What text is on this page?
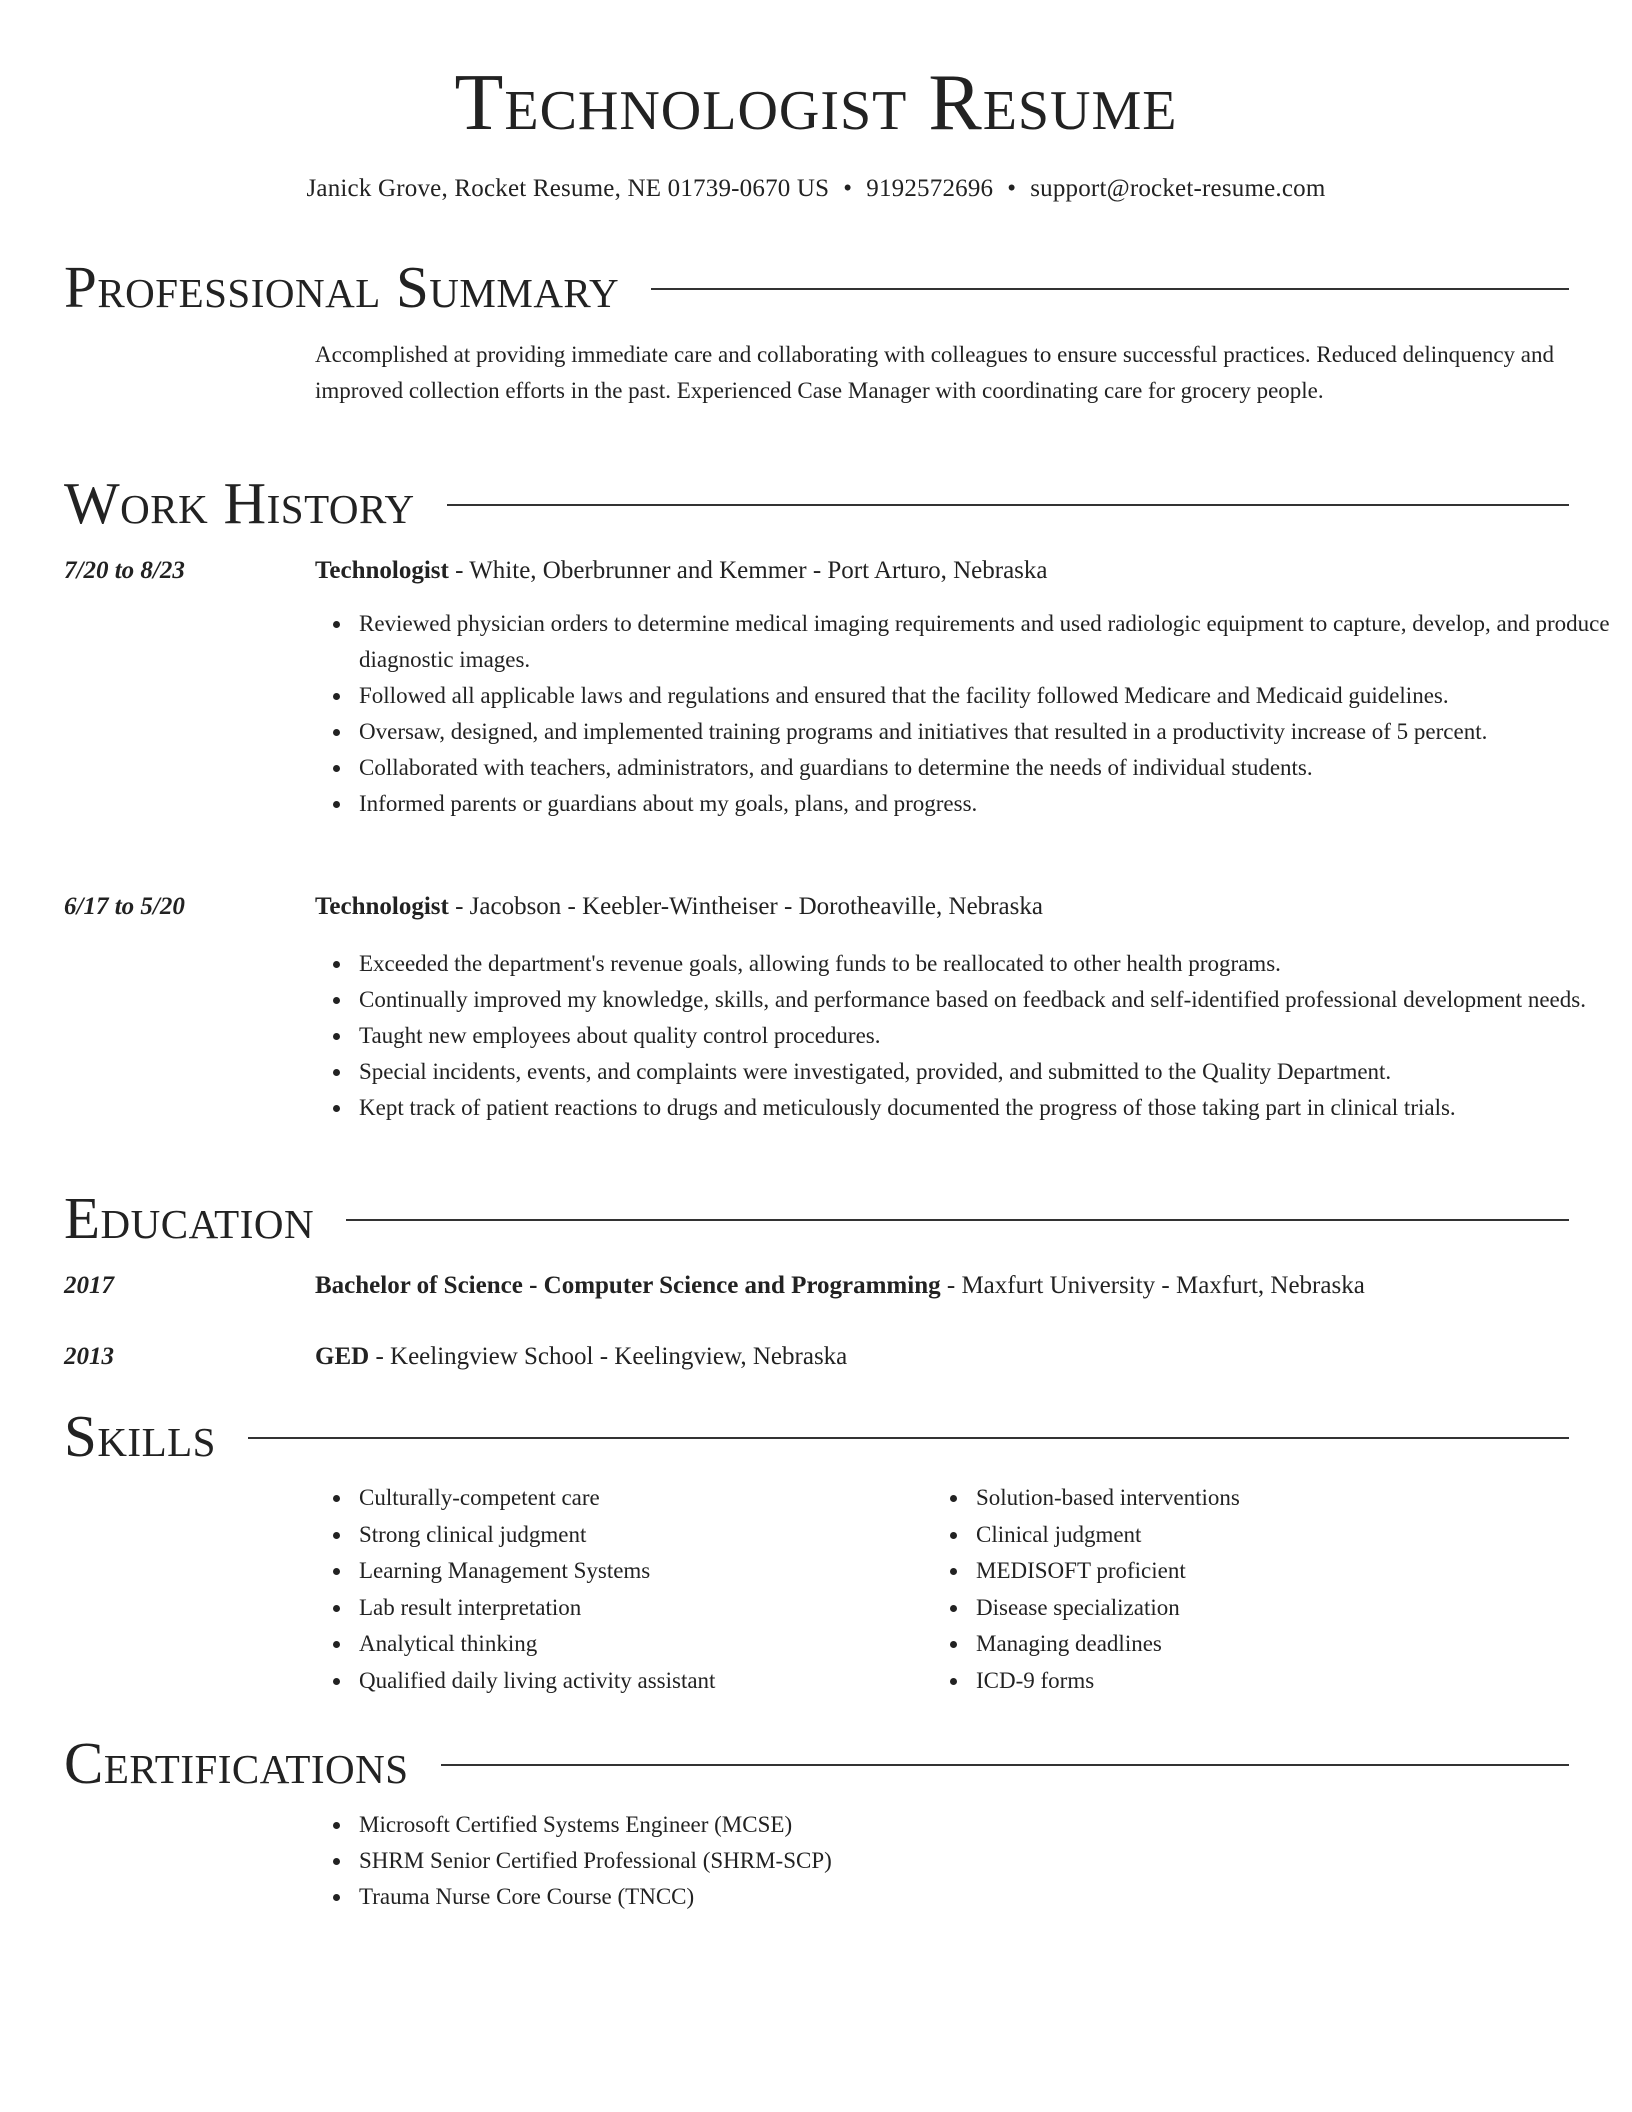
Technologist Resume
Janick Grove, Rocket Resume, NE 01739-0670 US • 9192572696 • support@rocket-resume.com
Professional Summary

Accomplished at providing immediate care and collaborating with colleagues to ensure successful practices. Reduced delinquency and improved collection efforts in the past. Experienced Case Manager with coordinating care for grocery people.

Work History
7/20 to 8/23	Technologist - White, Oberbrunner and Kemmer - Port Arturo, Nebraska
Reviewed physician orders to determine medical imaging requirements and used radiologic equipment to capture, develop, and produce diagnostic images.
Followed all applicable laws and regulations and ensured that the facility followed Medicare and Medicaid guidelines.
Oversaw, designed, and implemented training programs and initiatives that resulted in a productivity increase of 5 percent.
Collaborated with teachers, administrators, and guardians to determine the needs of individual students.
Informed parents or guardians about my goals, plans, and progress.
6/17 to 5/20	Technologist - Jacobson - Keebler-Wintheiser - Dorotheaville, Nebraska
Exceeded the department's revenue goals, allowing funds to be reallocated to other health programs.
Continually improved my knowledge, skills, and performance based on feedback and self-identified professional development needs.
Taught new employees about quality control procedures.
Special incidents, events, and complaints were investigated, provided, and submitted to the Quality Department.
Kept track of patient reactions to drugs and meticulously documented the progress of those taking part in clinical trials.
Education
2017	Bachelor of Science - Computer Science and Programming - Maxfurt University - Maxfurt, Nebraska
2013	GED - Keelingview School - Keelingview, Nebraska
Skills
Culturally-competent care
Strong clinical judgment
Learning Management Systems
Lab result interpretation
Analytical thinking
Qualified daily living activity assistant
Solution-based interventions
Clinical judgment
MEDISOFT proficient
Disease specialization
Managing deadlines
ICD-9 forms
Certifications
Microsoft Certified Systems Engineer (MCSE)
SHRM Senior Certified Professional (SHRM-SCP)
Trauma Nurse Core Course (TNCC)
